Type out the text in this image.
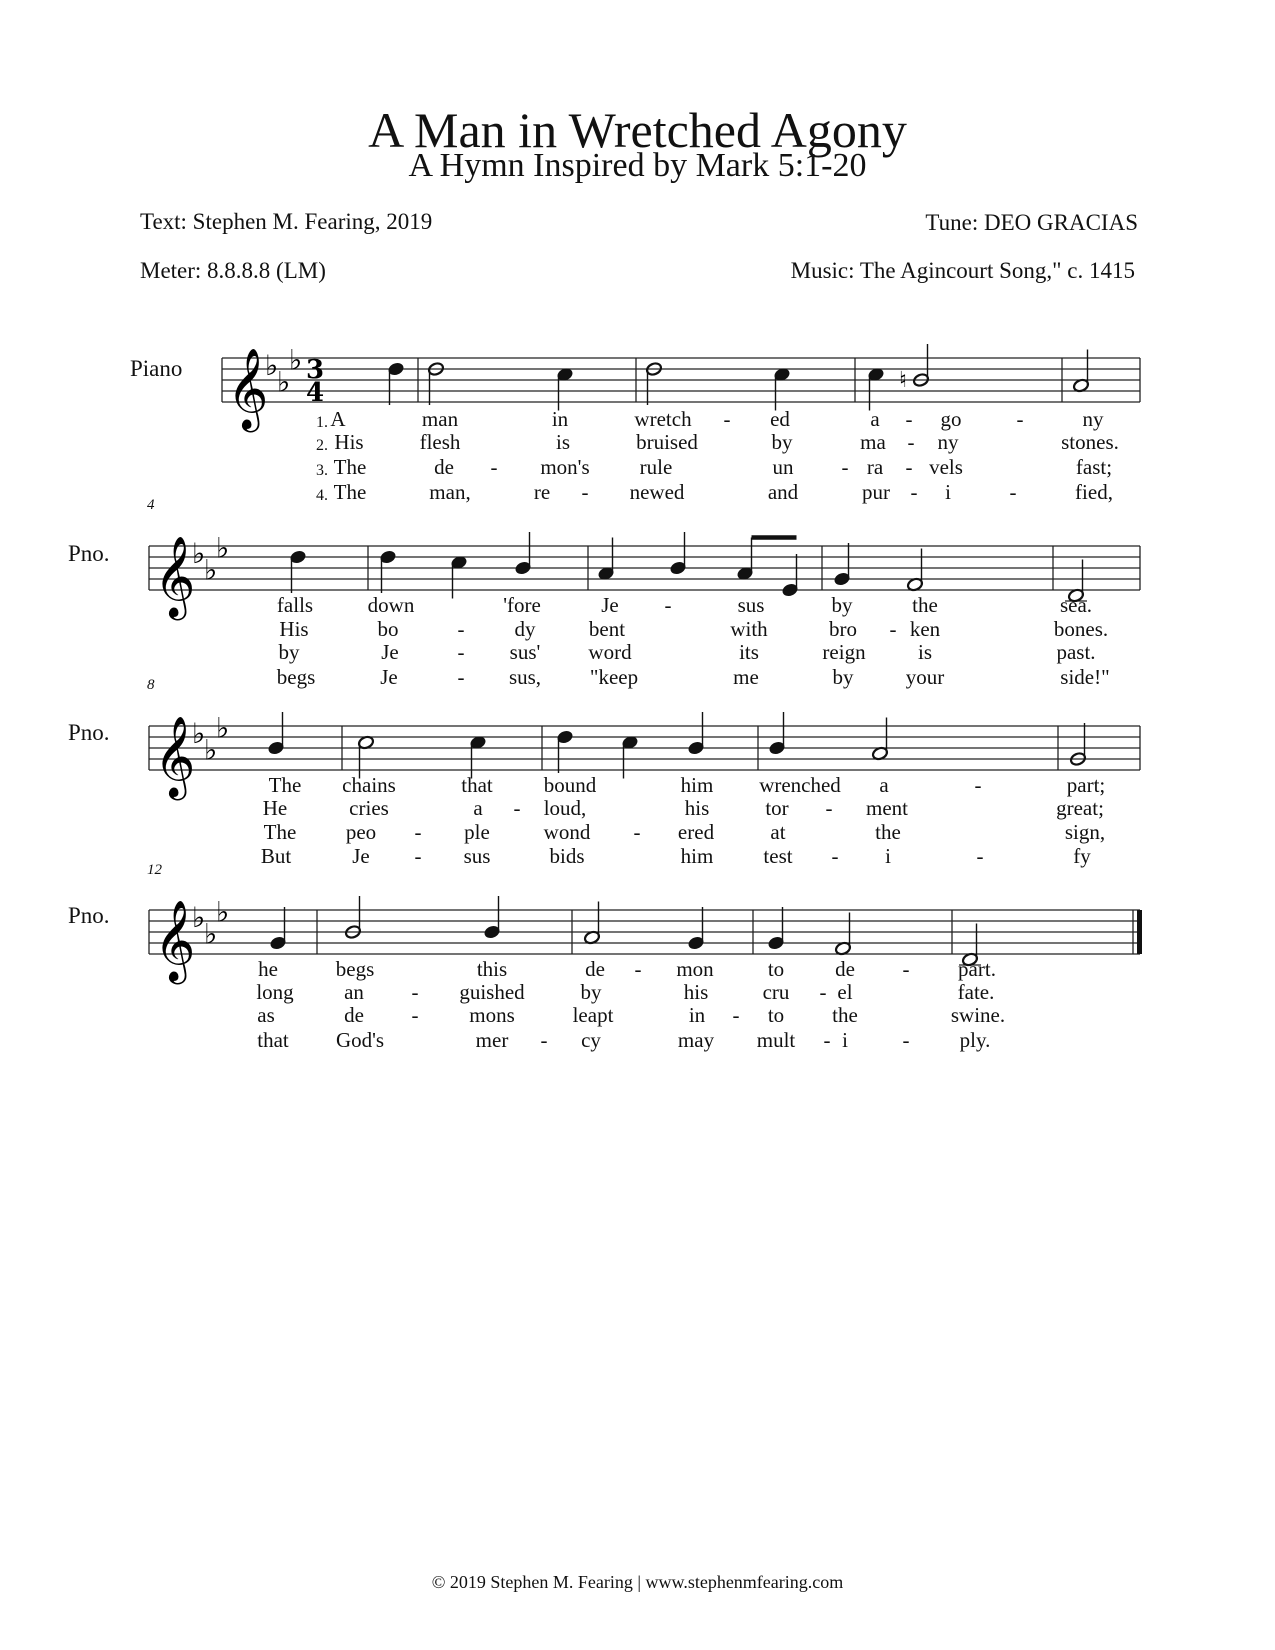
A Man in Wretched Agony
A Hymn Inspired by Mark 5:1-20
Text: Stephen M. Fearing, 2019
Meter: 8.8.8.8 (LM)
Tune: DEO GRACIAS
Music: The Agincourt Song," c. 1415
𝄞
♭
♭
♭ 3
4	♮
𝄞
♭
♭
♭
𝄞
♭
♭
♭
𝄞
♭
♭
♭
Piano
1.
2.
3.
4.
A	man	in	wretch - ed	a - go	-	ny
His	flesh	is	bruised	by	ma - ny	stones.
The	de - mon's rule	un - ra - vels	fast;
The	man,	re - newed	and	pur - i	-	fied,
Pno.
4
falls	down	'fore	Je -	sus	by	the	sea.
His	bo	- dy	bent	with	bro - ken	bones.
by	Je	- sus' word	its	reign is	past.
begs	Je	- sus, "keep	me	by your	side!"
Pno.
8
The chains	that bound	him wrenched a	-	part;
He	cries	a - loud,	his	tor - ment	great;
The peo - ple	wond - ered	at	the	sign,
But	Je - sus	bids	him test - i	-	fy
Pno.
12
he	begs	this	de - mon	to de - part.
long an - guished	by	his	cru - el	fate.
as	de - mons	leapt	in - to the	swine.
that God's	mer - cy	may mult - i	- ply.
© 2019 Stephen M. Fearing | www.stephenmfearing.com
